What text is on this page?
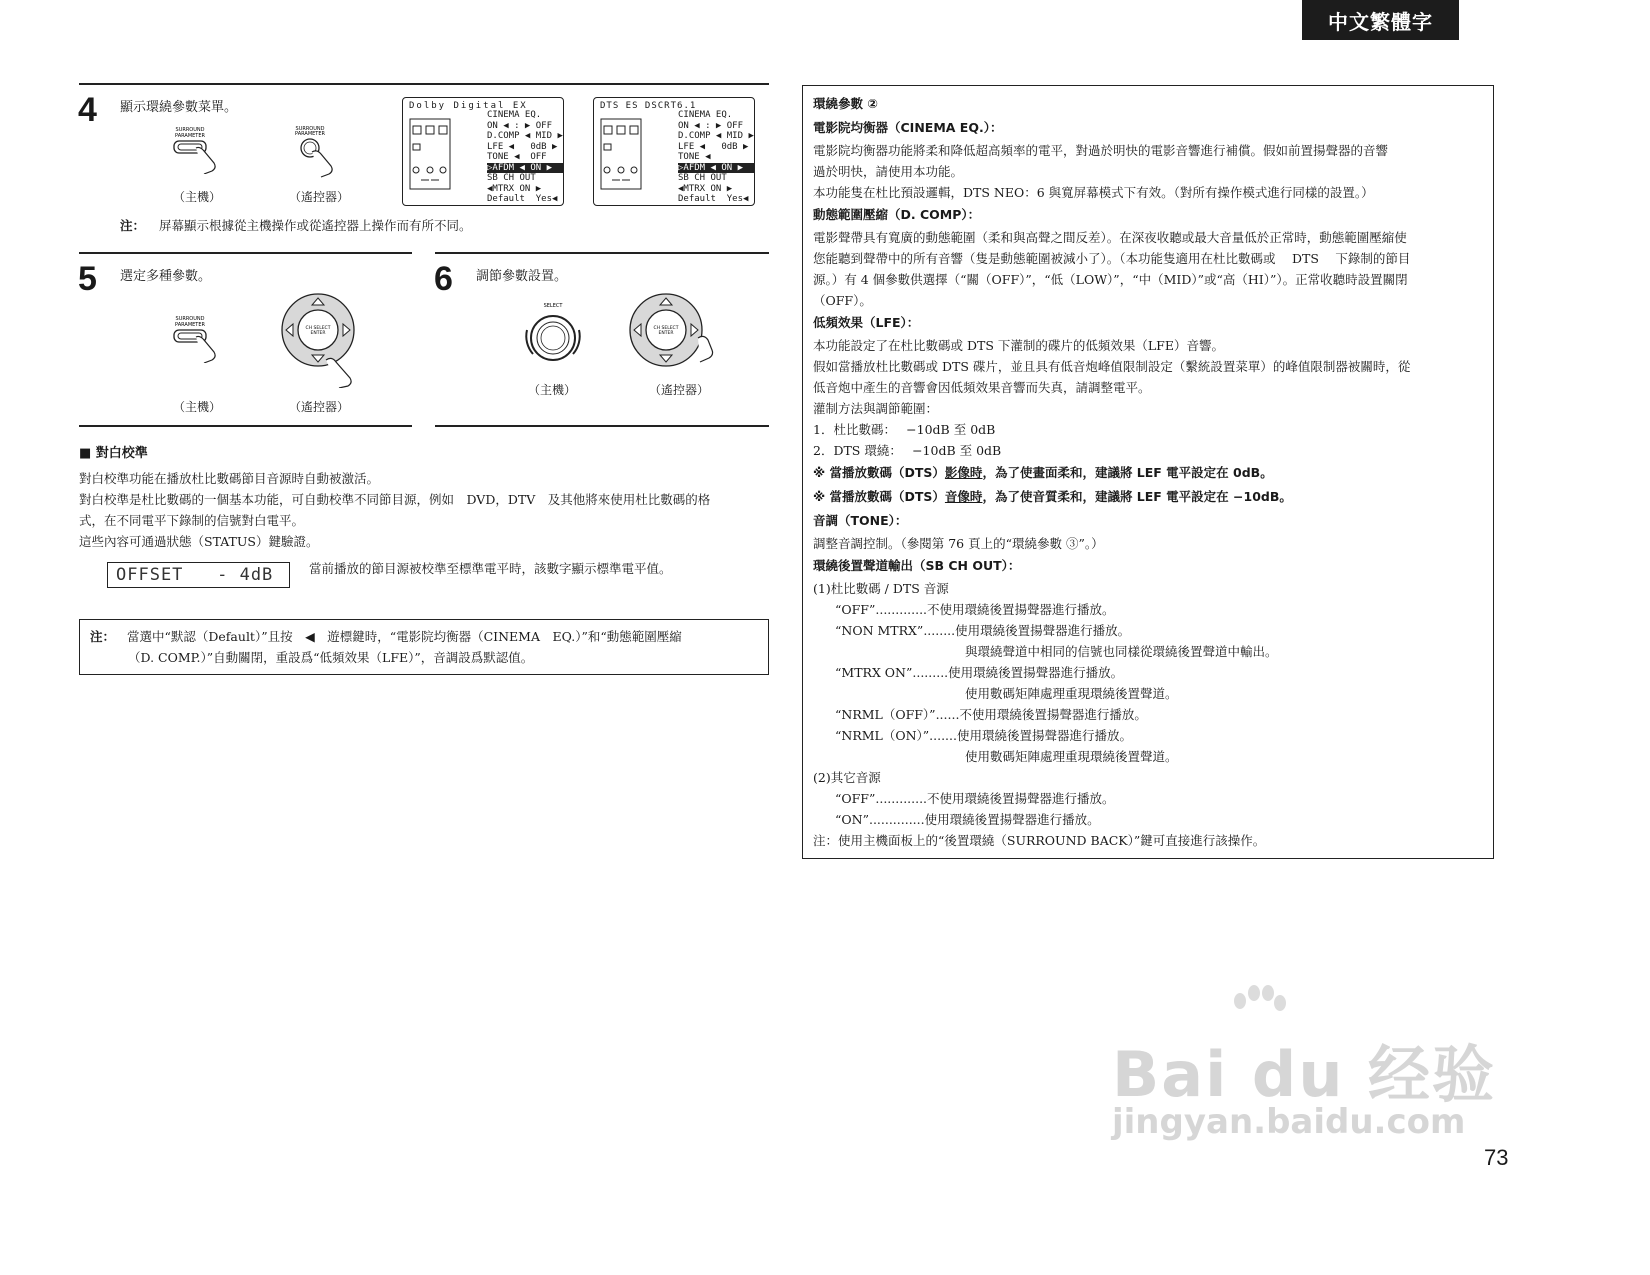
中文繁體字
4 顯示環繞參數菜單。
SURROUND
PARAMETER
（主機）
SURROUND
PARAMETER
（遙控器）
Dolby Digital EX
CINEMA EQ.
ON ◀ : ▶ OFF
D.COMP ◀ MID ▶
LFE ◀   0dB ▶
TONE ◀  OFF
▷AFDM ◀ ON ▶
SB CH OUT
◀MTRX ON ▶
Default  Yes◀
DTS ES DSCRT6.1
CINEMA EQ.
ON ◀ : ▶ OFF
D.COMP ◀ MID ▶
LFE ◀   0dB ▶
TONE ◀
▷AFDM ◀ ON ▶
SB CH OUT
◀MTRX ON ▶
Default  Yes◀
注： 屏幕顯示根據從主機操作或從遙控器上操作而有所不同。
5 選定多種參數。
SURROUND
PARAMETER
（主機）
CH SELECT
ENTER
（遙控器）
6 調節參數設置。
SELECT
（主機）
CH SELECT
ENTER
（遙控器）
■ 對白校準
對白校準功能在播放杜比數碼節目音源時自動被激活。
對白校準是杜比數碼的一個基本功能，可自動校準不同節目源，例如　DVD，DTV　及其他將來使用杜比數碼的格
式，在不同電平下錄制的信號對白電平。
這些內容可通過狀態（STATUS）鍵驗證。
OFFSET   - 4dB	當前播放的節目源被校準至標準電平時，該數字顯示標準電平值。
注： 當選中“默認（Default）”且按　◀　遊標鍵時，“電影院均衡器（CINEMA　EQ.）”和“動態範圍壓縮
（D. COMP.）”自動關閉，重設爲“低頻效果（LFE）”，音調設爲默認值。
環繞參數 ②
電影院均衡器（CINEMA EQ.）：
電影院均衡器功能將柔和降低超高頻率的電平，對過於明快的電影音響進行補償。假如前置揚聲器的音響
過於明快，請使用本功能。
本功能隻在杜比預設邏輯，DTS NEO：6 與寬屏幕模式下有效。（對所有操作模式進行同樣的設置。）
動態範圍壓縮（D. COMP）：
電影聲帶具有寬廣的動態範圍（柔和與高聲之間反差）。在深夜收聽或最大音量低於正常時，動態範圍壓縮使
您能聽到聲帶中的所有音響（隻是動態範圍被減小了）。（本功能隻適用在杜比數碼或　 DTS　 下錄制的節目
源。）有 4 個參數供選擇（“關（OFF）”，“低（LOW）”，“中（MID）”或“高（HI）”）。正常收聽時設置關閉
（OFF）。
低頻效果（LFE）：
本功能設定了在杜比數碼或 DTS 下灌制的碟片的低頻效果（LFE）音響。
假如當播放杜比數碼或 DTS 碟片，並且具有低音炮峰值限制設定（繫統設置菜單）的峰值限制器被關時，從
低音炮中產生的音響會因低頻效果音響而失真，請調整電平。
灌制方法與調節範圍：
1．杜比數碼：　 −10dB 至 0dB
2．DTS 環繞：　 −10dB 至 0dB
※ 當播放數碼（DTS）影像時，為了使畫面柔和，建議將 LEF 電平設定在 0dB。
※ 當播放數碼（DTS）音像時，為了使音質柔和，建議將 LEF 電平設定在 −10dB。
音調（TONE）：
調整音調控制。（參閱第 76 頁上的“環繞參數 ③”。）
環繞後置聲道輸出（SB CH OUT）：
(1)杜比數碼 / DTS 音源
“OFF”.............不使用環繞後置揚聲器進行播放。
“NON MTRX”........使用環繞後置揚聲器進行播放。
與環繞聲道中相同的信號也同樣從環繞後置聲道中輸出。
“MTRX ON”.........使用環繞後置揚聲器進行播放。
使用數碼矩陣處理重現環繞後置聲道。
“NRML（OFF）”......不使用環繞後置揚聲器進行播放。
“NRML（ON）”.......使用環繞後置揚聲器進行播放。
使用數碼矩陣處理重現環繞後置聲道。
(2)其它音源
“OFF”.............不使用環繞後置揚聲器進行播放。
“ON”..............使用環繞後置揚聲器進行播放。
注：使用主機面板上的“後置環繞（SURROUND BACK）”鍵可直接進行該操作。
Bai du 经验
jingyan.baidu.com
73
